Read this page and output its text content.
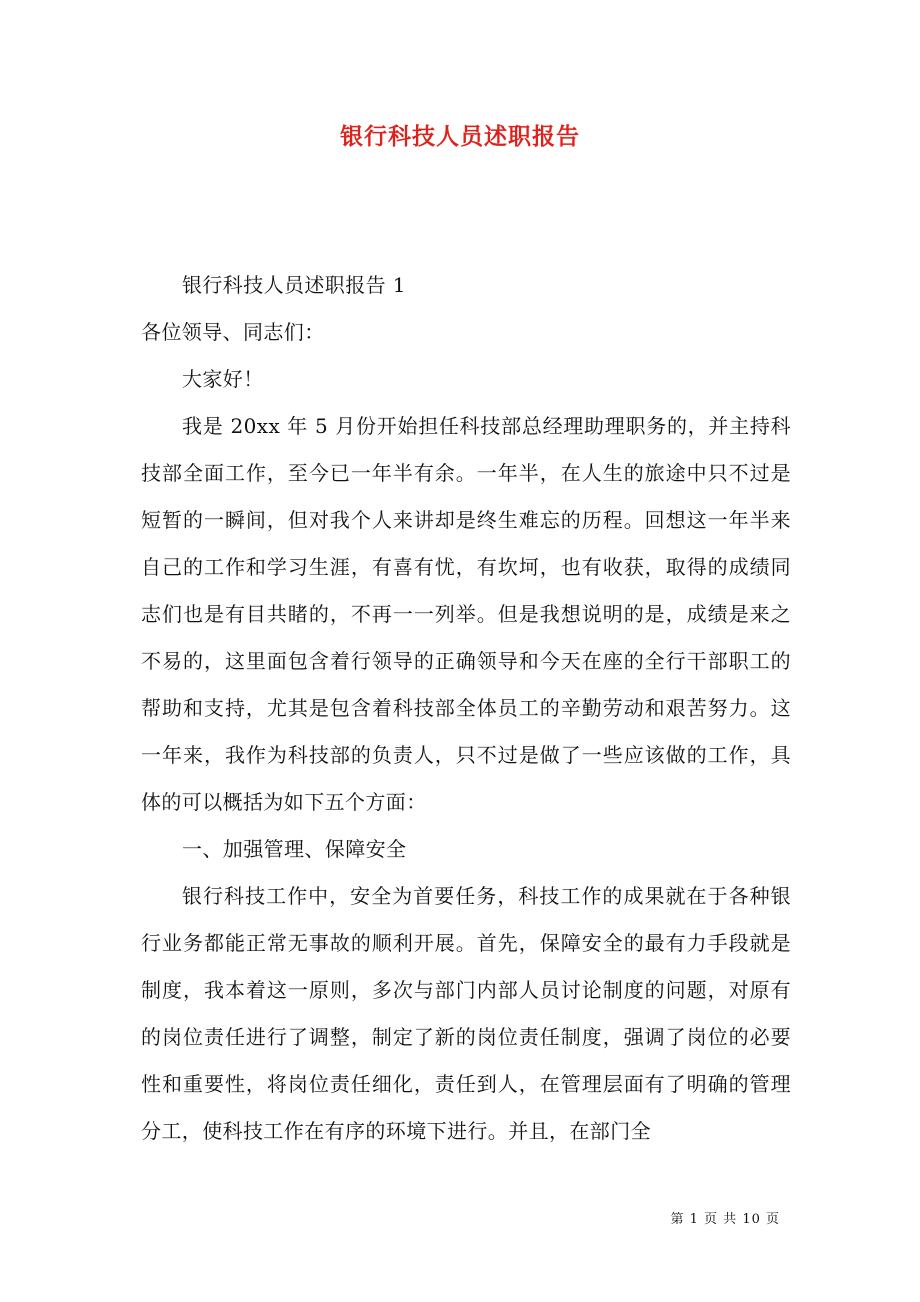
银行科技人员述职报告

银行科技人员述职报告 1

各位领导、同志们：

大家好！

我是 20xx 年 5 月份开始担任科技部总经理助理职务的，并主持科技部全面工作，至今已一年半有余。一年半，在人生的旅途中只不过是短暂的一瞬间，但对我个人来讲却是终生难忘的历程。回想这一年半来自己的工作和学习生涯，有喜有忧，有坎坷，也有收获，取得的成绩同志们也是有目共睹的，不再一一列举。但是我想说明的是，成绩是来之不易的，这里面包含着行领导的正确领导和今天在座的全行干部职工的帮助和支持，尤其是包含着科技部全体员工的辛勤劳动和艰苦努力。这一年来，我作为科技部的负责人，只不过是做了一些应该做的工作，具体的可以概括为如下五个方面：

一、加强管理、保障安全

银行科技工作中，安全为首要任务，科技工作的成果就在于各种银行业务都能正常无事故的顺利开展。首先，保障安全的最有力手段就是制度，我本着这一原则，多次与部门内部人员讨论制度的问题，对原有的岗位责任进行了调整，制定了新的岗位责任制度，强调了岗位的必要性和重要性，将岗位责任细化，责任到人，在管理层面有了明确的管理分工，使科技工作在有序的环境下进行。并且，在部门全

第 1 页 共 10 页
